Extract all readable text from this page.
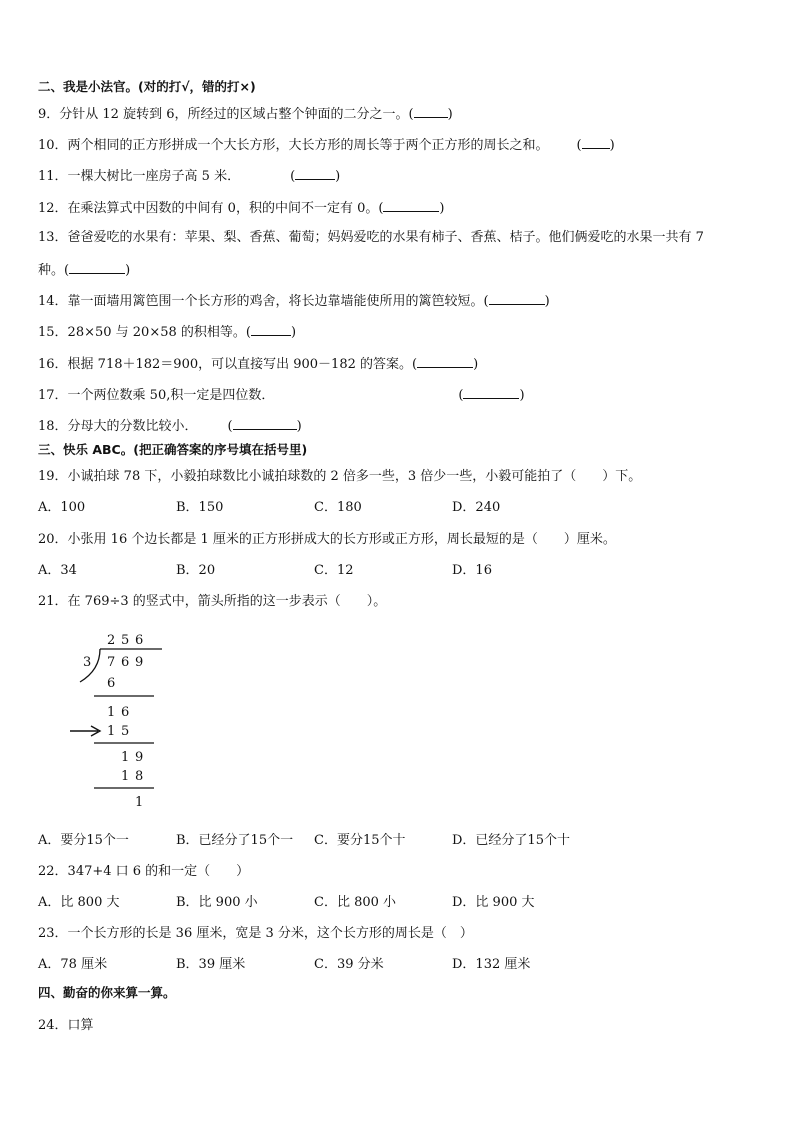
二、我是小法官。(对的打√，错的打×)
9．分针从 12 旋转到 6，所经过的区域占整个钟面的二分之一。(	)
10．两个相同的正方形拼成一个大长方形，大长方形的周长等于两个正方形的周长之和。 ( )
11．一棵大树比一座房子高 5 米．	(	)
12．在乘法算式中因数的中间有 0，积的中间不一定有 0。(	)
13．爸爸爱吃的水果有：苹果、梨、香蕉、葡萄；妈妈爱吃的水果有柿子、香蕉、桔子。他们俩爱吃的水果一共有 7
种。(	)
14．靠一面墙用篱笆围一个长方形的鸡舍，将长边靠墙能使所用的篱笆较短。(	)
15．28×50 与 20×58 的积相等。(	)
16．根据 718＋182＝900，可以直接写出 900－182 的答案。(	)
17．一个两位数乘 50,积一定是四位数．	(	)
18．分母大的分数比较小． (	)
三、快乐 ABC。(把正确答案的序号填在括号里)
19．小诚拍球 78 下，小毅拍球数比小诚拍球数的 2 倍多一些，3 倍少一些，小毅可能拍了（　　）下。
A．100	B．150	C．180	D．240
20．小张用 16 个边长都是 1 厘米的正方形拼成大的长方形或正方形，周长最短的是（　　）厘米。
A．34	B．20	C．12	D．16
21．在 769÷3 的竖式中，箭头所指的这一步表示（　　）。
2 5 6
3 7 6 9
6
1 6
1 5
1 9
1 8
1
A．要分15个一	B．已经分了15个一 C．要分15个十	D．已经分了15个十
22．347+4 口 6 的和一定（　　）
A．比 800 大	B．比 900 小	C．比 800 小	D．比 900 大
23．一个长方形的长是 36 厘米，宽是 3 分米，这个长方形的周长是（　）
A．78 厘米	B．39 厘米	C．39 分米	D．132 厘米
四、勤奋的你来算一算。
24．口算
